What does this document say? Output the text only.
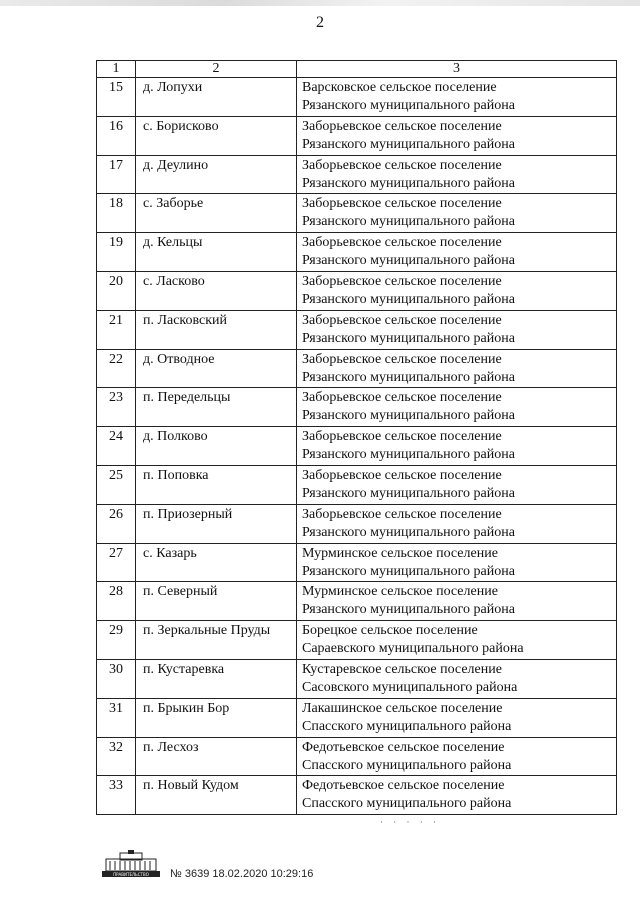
2
1	2	3
15	д. Лопухи	Варсковское сельское поселение
Рязанского муниципального района

16	с. Борисково	Заборьевское сельское поселение
Рязанского муниципального района

17	д. Деулино	Заборьевское сельское поселение
Рязанского муниципального района

18	с. Заборье	Заборьевское сельское поселение
Рязанского муниципального района

19	д. Кельцы	Заборьевское сельское поселение
Рязанского муниципального района

20	с. Ласково	Заборьевское сельское поселение
Рязанского муниципального района

21	п. Ласковский	Заборьевское сельское поселение
Рязанского муниципального района

22	д. Отводное	Заборьевское сельское поселение
Рязанского муниципального района

23	п. Передельцы	Заборьевское сельское поселение
Рязанского муниципального района

24	д. Полково	Заборьевское сельское поселение
Рязанского муниципального района

25	п. Поповка	Заборьевское сельское поселение
Рязанского муниципального района

26	п. Приозерный	Заборьевское сельское поселение
Рязанского муниципального района

27	с. Казарь	Мурминское сельское поселение
Рязанского муниципального района

28	п. Северный	Мурминское сельское поселение
Рязанского муниципального района

29	п. Зеркальные Пруды	Борецкое сельское поселение
Сараевского муниципального района

30	п. Кустаревка	Кустаревское сельское поселение
Сасовского муниципального района

31	п. Брыкин Бор	Лакашинское сельское поселение
Спасского муниципального района

32	п. Лесхоз	Федотьевское сельское поселение
Спасского муниципального района

33	п. Новый Кудом	Федотьевское сельское поселение
Спасского муниципального района
· · · · ·
ПРАВИТЕЛЬСТВО № 3639 18.02.2020 10:29:16
